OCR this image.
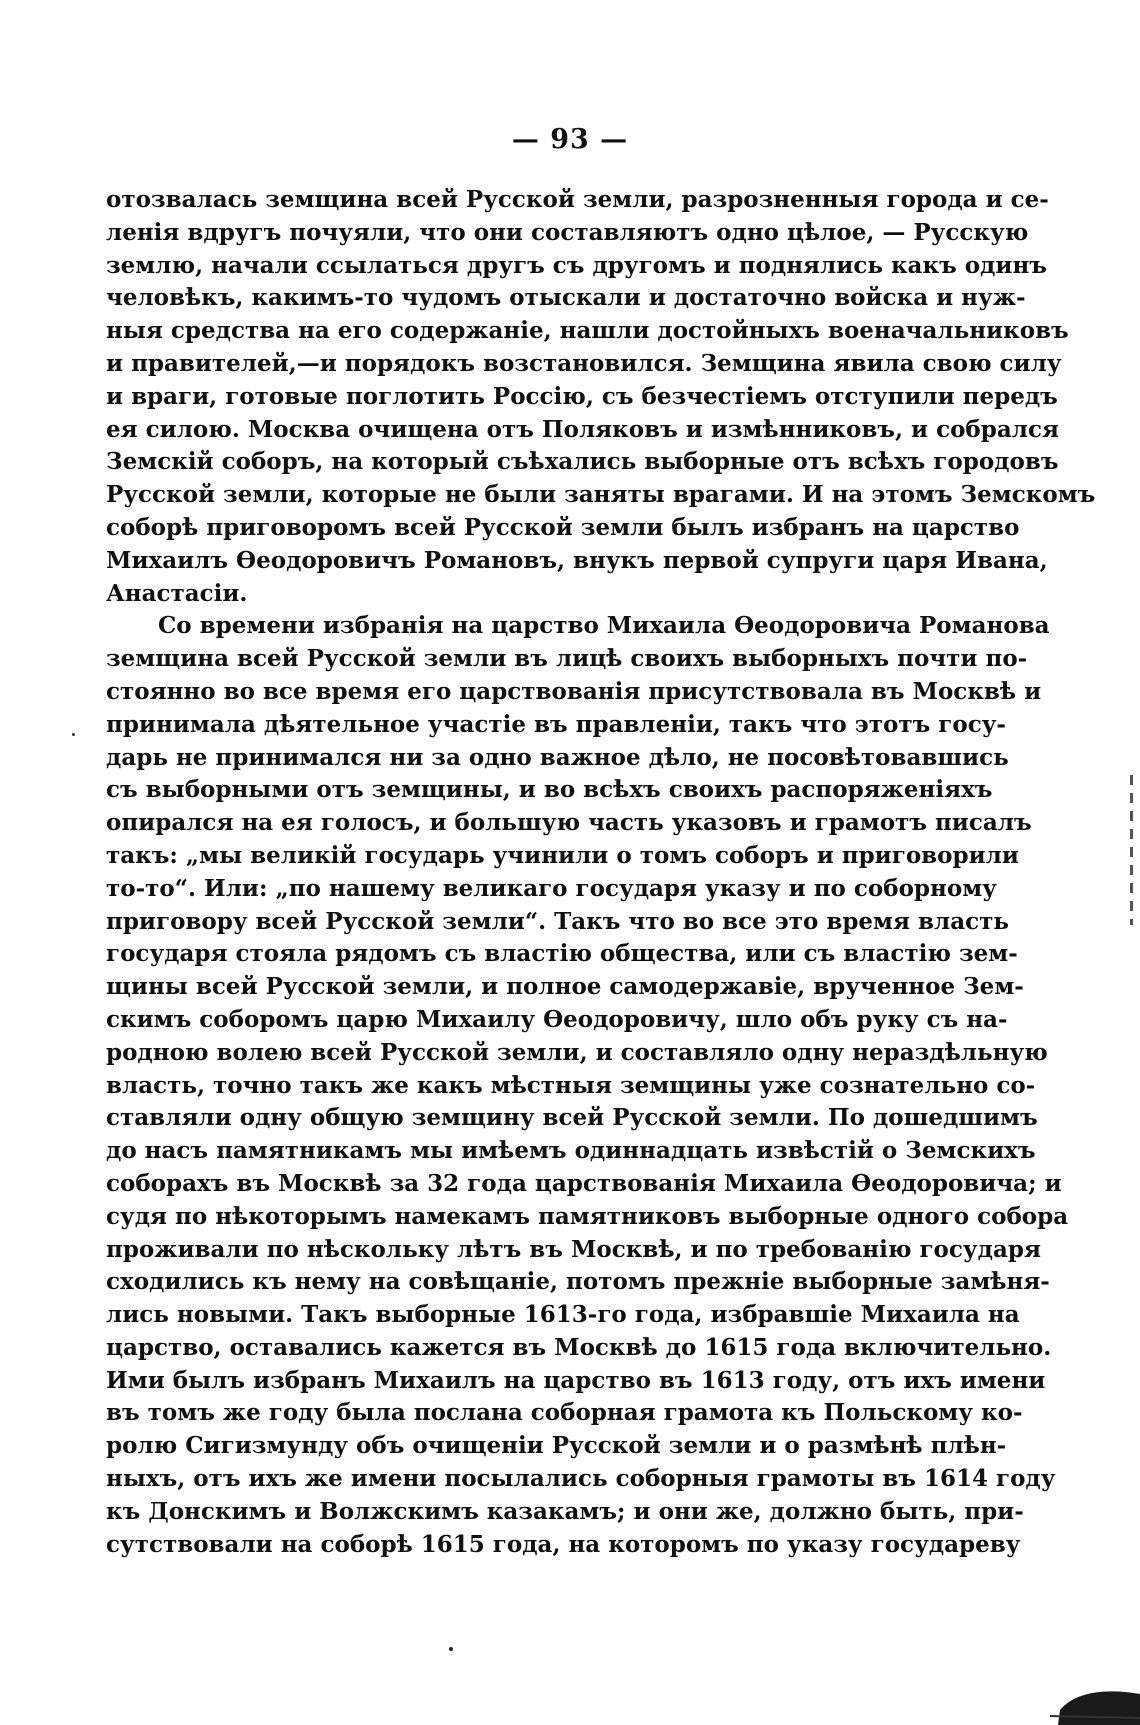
— 93 —
отозвалась земщина всей Русской земли, разрозненныя города и се-
ленія вдругъ почуяли, что они составляютъ одно цѣлое, — Русскую
землю, начали ссылаться другъ съ другомъ и поднялись какъ одинъ
человѣкъ, какимъ-то чудомъ отыскали и достаточно войска и нуж-
ныя средства на его содержаніе, нашли достойныхъ военачальниковъ
и правителей,—и порядокъ возстановился. Земщина явила свою силу
и враги, готовые поглотить Россію, съ безчестіемъ отступили передъ
ея силою. Москва очищена отъ Поляковъ и измѣнниковъ, и собрался
Земскій соборъ, на который съѣхались выборные отъ всѣхъ городовъ
Русской земли, которые не были заняты врагами. И на этомъ Земскомъ
соборѣ приговоромъ всей Русской земли былъ избранъ на царство
Михаилъ Өеодоровичъ Романовъ, внукъ первой супруги царя Ивана,
Анастасіи.
Со времени избранія на царство Михаила Өеодоровича Романова
земщина всей Русской земли въ лицѣ своихъ выборныхъ почти по-
стоянно во все время его царствованія присутствовала въ Москвѣ и
принимала дѣятельное участіе въ правленіи, такъ что этотъ госу-
дарь не принимался ни за одно важное дѣло, не посовѣтовавшись
съ выборными отъ земщины, и во всѣхъ своихъ распоряженіяхъ
опирался на ея голосъ, и большую часть указовъ и грамотъ писалъ
такъ: „мы великій государь учинили о томъ соборъ и приговорили
то-то“. Или: „по нашему великаго государя указу и по соборному
приговору всей Русской земли“. Такъ что во все это время власть
государя стояла рядомъ съ властію общества, или съ властію зем-
щины всей Русской земли, и полное самодержавіе, врученное Зем-
скимъ соборомъ царю Михаилу Өеодоровичу, шло объ руку съ на-
родною волею всей Русской земли, и составляло одну нераздѣльную
власть, точно такъ же какъ мѣстныя земщины уже сознательно со-
ставляли одну общую земщину всей Русской земли. По дошедшимъ
до насъ памятникамъ мы имѣемъ одиннадцать извѣстій о Земскихъ
соборахъ въ Москвѣ за 32 года царствованія Михаила Өеодоровича; и
судя по нѣкоторымъ намекамъ памятниковъ выборные одного собора
проживали по нѣскольку лѣтъ въ Москвѣ, и по требованію государя
сходились къ нему на совѣщаніе, потомъ прежніе выборные замѣня-
лись новыми. Такъ выборные 1613-го года, избравшіе Михаила на
царство, оставались кажется въ Москвѣ до 1615 года включительно.
Ими былъ избранъ Михаилъ на царство въ 1613 году, отъ ихъ имени
въ томъ же году была послана соборная грамота къ Польскому ко-
ролю Сигизмунду объ очищеніи Русской земли и о размѣнѣ плѣн-
ныхъ, отъ ихъ же имени посылались соборныя грамоты въ 1614 году
къ Донскимъ и Волжскимъ казакамъ; и они же, должно быть, при-
сутствовали на соборѣ 1615 года, на которомъ по указу государеву
